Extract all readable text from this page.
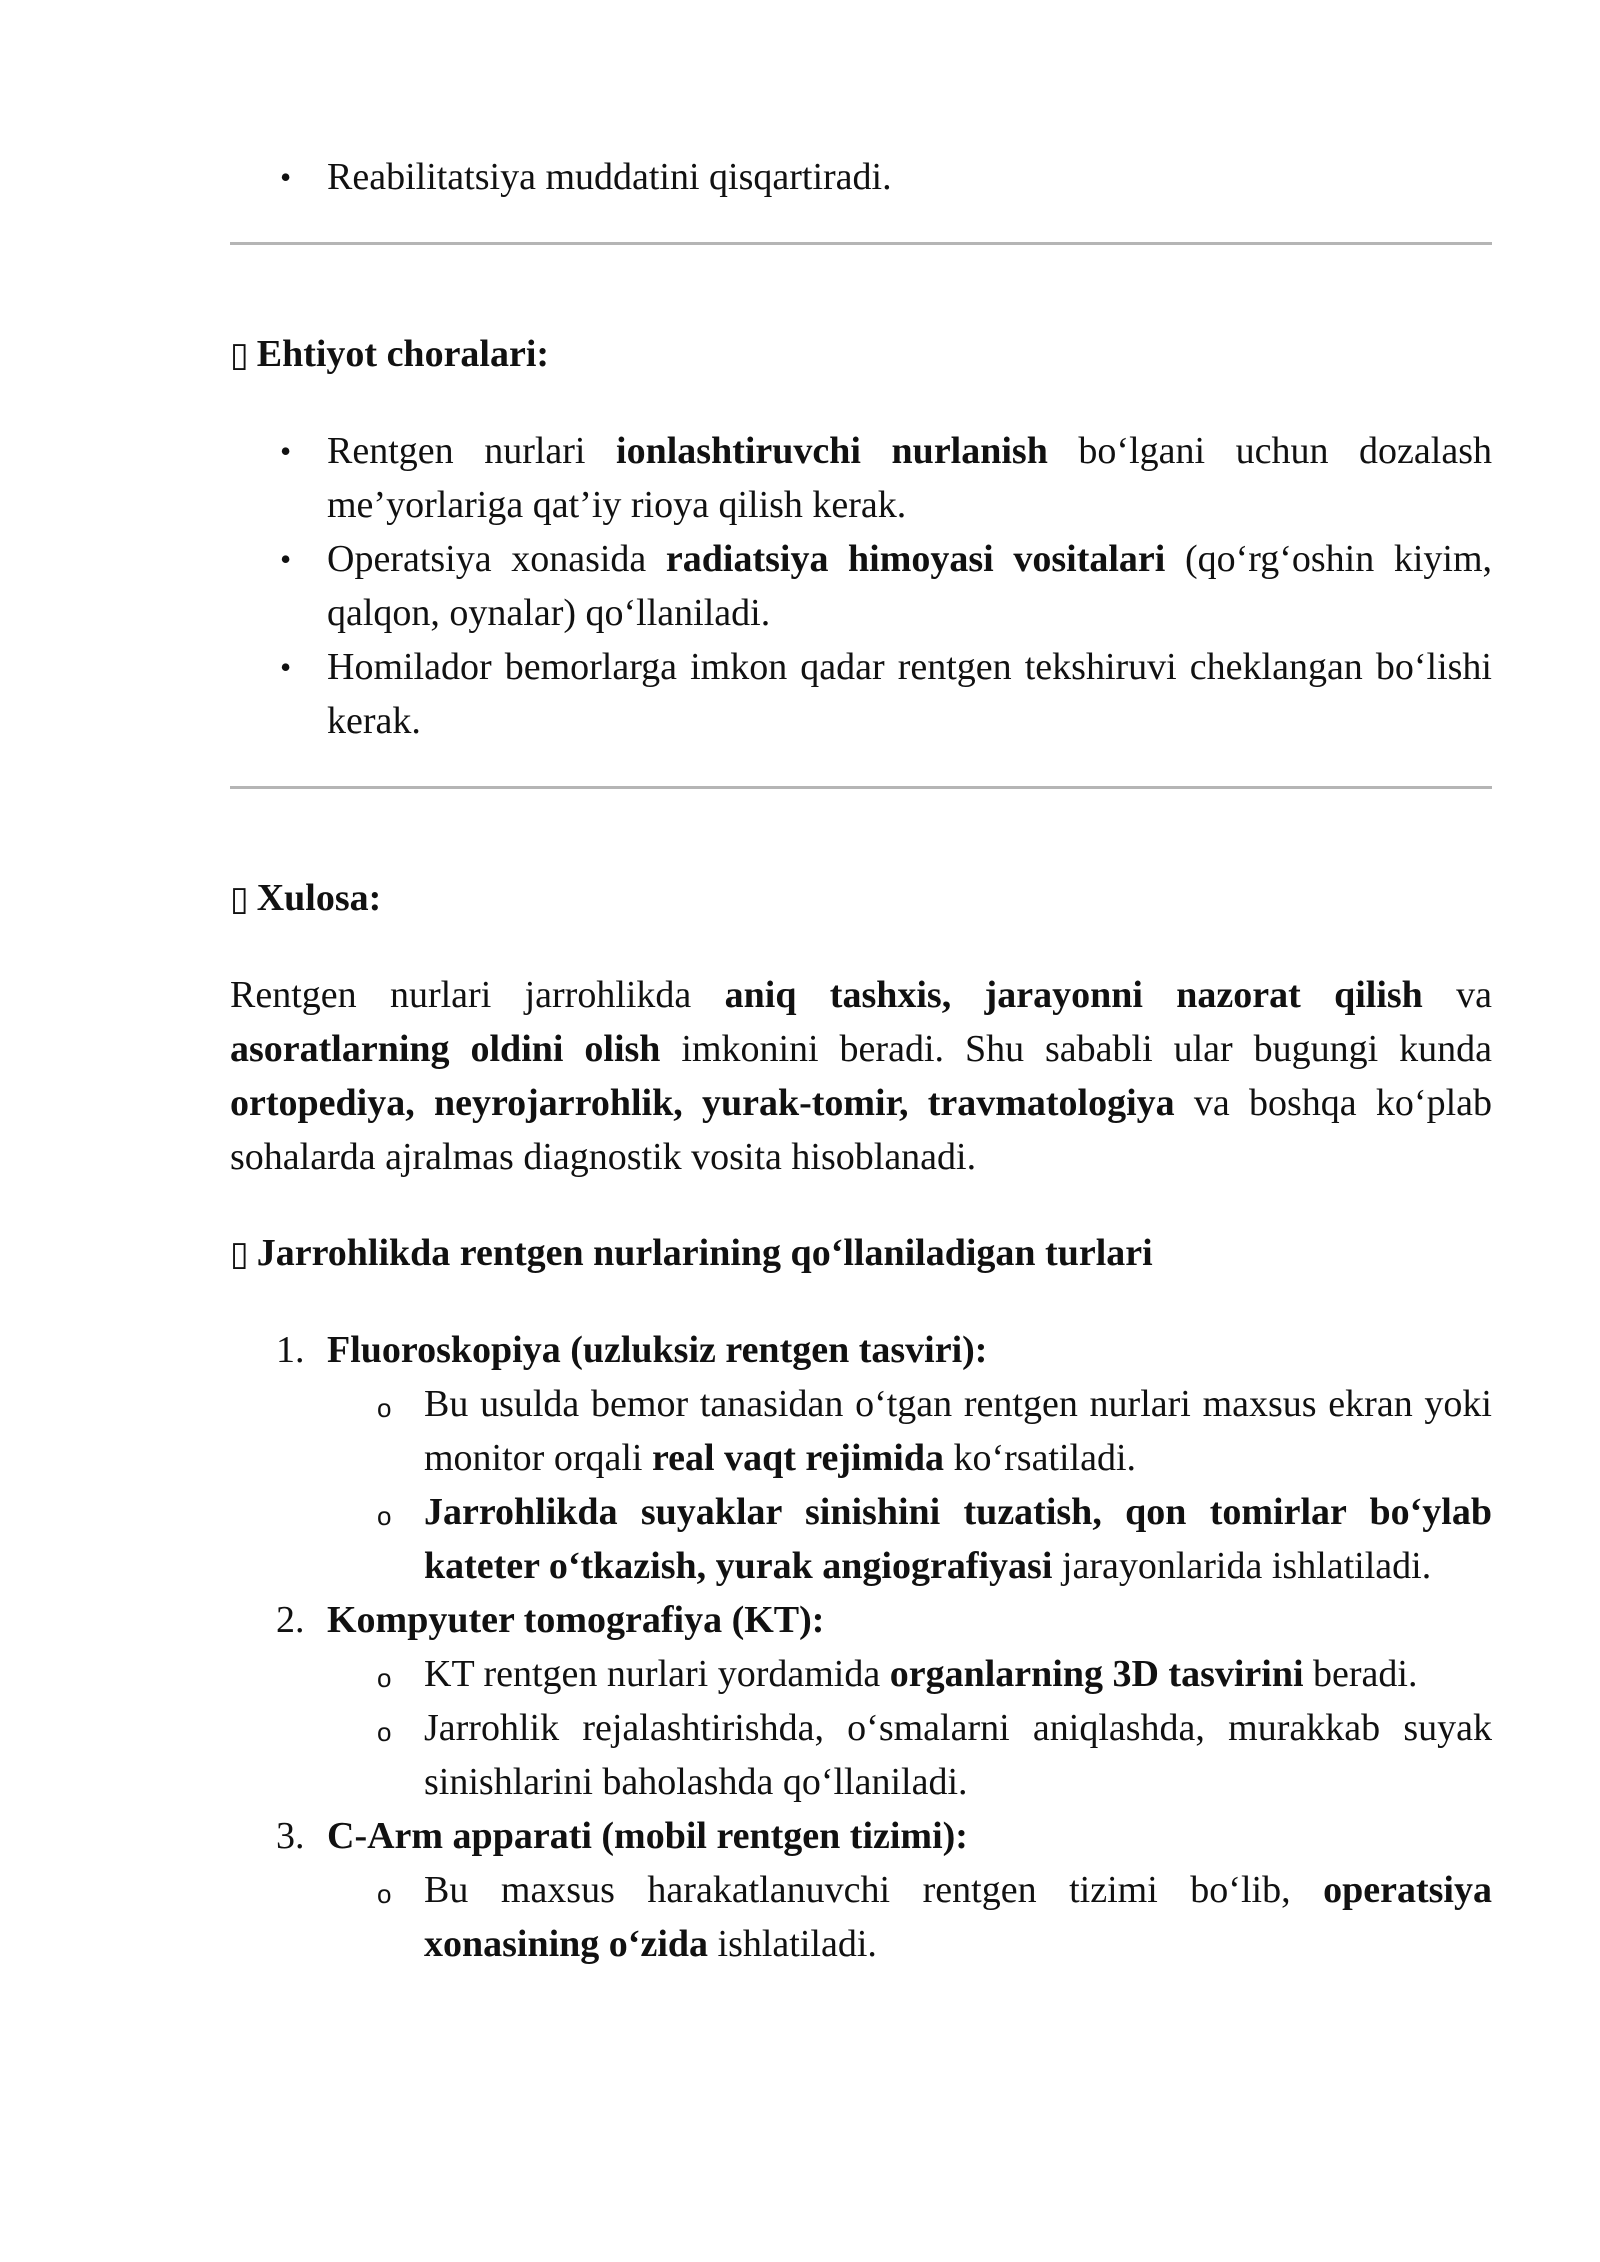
• Reabilitatsiya muddatini qisqartiradi.
▯ Ehtiyot choralari:
• Rentgen nurlari ionlashtiruvchi nurlanish bo‘lgani uchun dozalash me’yorlariga qat’iy rioya qilish kerak.
• Operatsiya xonasida radiatsiya himoyasi vositalari (qo‘rg‘oshin kiyim, qalqon, oynalar) qo‘llaniladi.
• Homilador bemorlarga imkon qadar rentgen tekshiruvi cheklangan bo‘lishi kerak.
▯ Xulosa:

Rentgen nurlari jarrohlikda aniq tashxis, jarayonni nazorat qilish va asoratlarning oldini olish imkonini beradi. Shu sababli ular bugungi kunda ortopediya, neyrojarrohlik, yurak-tomir, travmatologiya va boshqa ko‘plab sohalarda ajralmas diagnostik vosita hisoblanadi.

▯ Jarrohlikda rentgen nurlarining qo‘llaniladigan turlari
1. Fluoroskopiya (uzluksiz rentgen tasviri):
o Bu usulda bemor tanasidan o‘tgan rentgen nurlari maxsus ekran yoki monitor orqali real vaqt rejimida ko‘rsatiladi.
o Jarrohlikda suyaklar sinishini tuzatish, qon tomirlar bo‘ylab kateter o‘tkazish, yurak angiografiyasi jarayonlarida ishlatiladi.
2. Kompyuter tomografiya (KT):
o KT rentgen nurlari yordamida organlarning 3D tasvirini beradi.
o Jarrohlik rejalashtirishda, o‘smalarni aniqlashda, murakkab suyak sinishlarini baholashda qo‘llaniladi.
3. C-Arm apparati (mobil rentgen tizimi):
o Bu maxsus harakatlanuvchi rentgen tizimi bo‘lib, operatsiya xonasining o‘zida ishlatiladi.
